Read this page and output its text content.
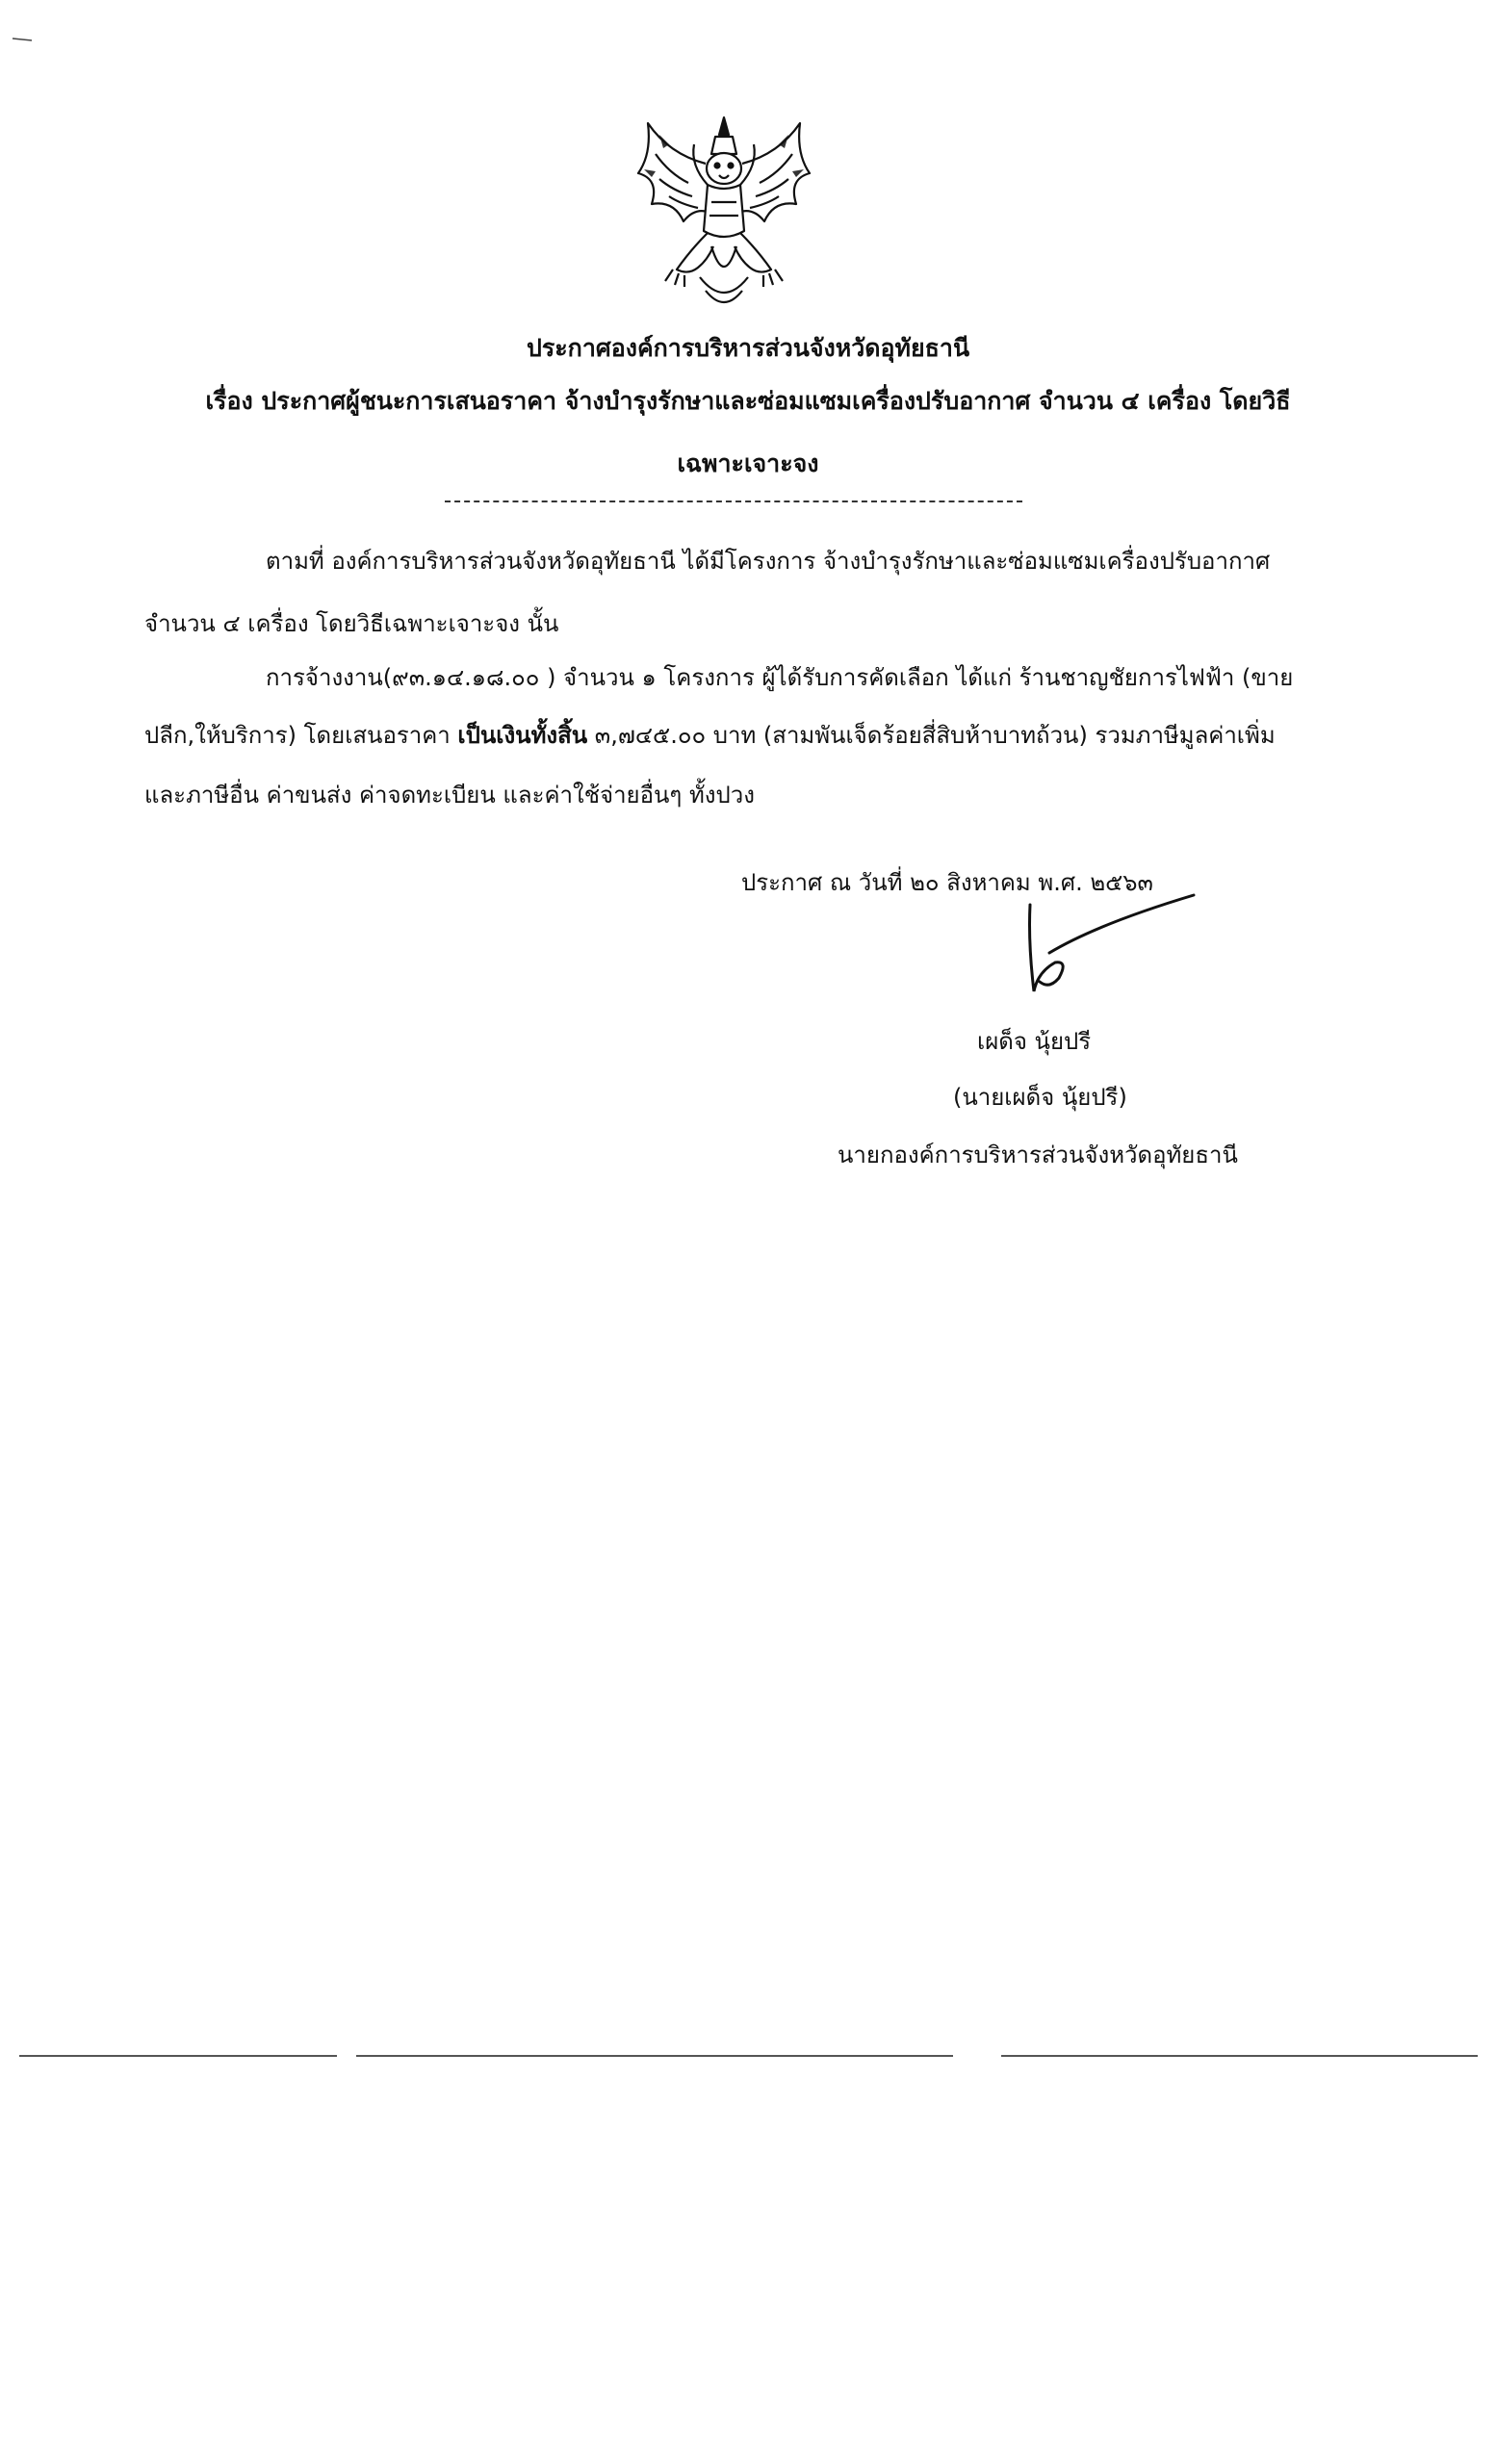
ประกาศองค์การบริหารส่วนจังหวัดอุทัยธานี
เรื่อง ประกาศผู้ชนะการเสนอราคา จ้างบำรุงรักษาและซ่อมแซมเครื่องปรับอากาศ จำนวน ๔ เครื่อง โดยวิธี
เฉพาะเจาะจง
ตามที่ องค์การบริหารส่วนจังหวัดอุทัยธานี ได้มีโครงการ จ้างบำรุงรักษาและซ่อมแซมเครื่องปรับอากาศ
จำนวน ๔ เครื่อง โดยวิธีเฉพาะเจาะจง นั้น
การจ้างงาน(๙๓.๑๔.๑๘.๐๐ ) จำนวน ๑ โครงการ ผู้ได้รับการคัดเลือก ได้แก่ ร้านชาญชัยการไฟฟ้า (ขาย
ปลีก,ให้บริการ) โดยเสนอราคา เป็นเงินทั้งสิ้น ๓,๗๔๕.๐๐ บาท (สามพันเจ็ดร้อยสี่สิบห้าบาทถ้วน) รวมภาษีมูลค่าเพิ่ม
และภาษีอื่น ค่าขนส่ง ค่าจดทะเบียน และค่าใช้จ่ายอื่นๆ ทั้งปวง
ประกาศ ณ วันที่ ๒๐ สิงหาคม พ.ศ. ๒๕๖๓
เผด็จ นุ้ยปรี
(นายเผด็จ นุ้ยปรี)
นายกองค์การบริหารส่วนจังหวัดอุทัยธานี
